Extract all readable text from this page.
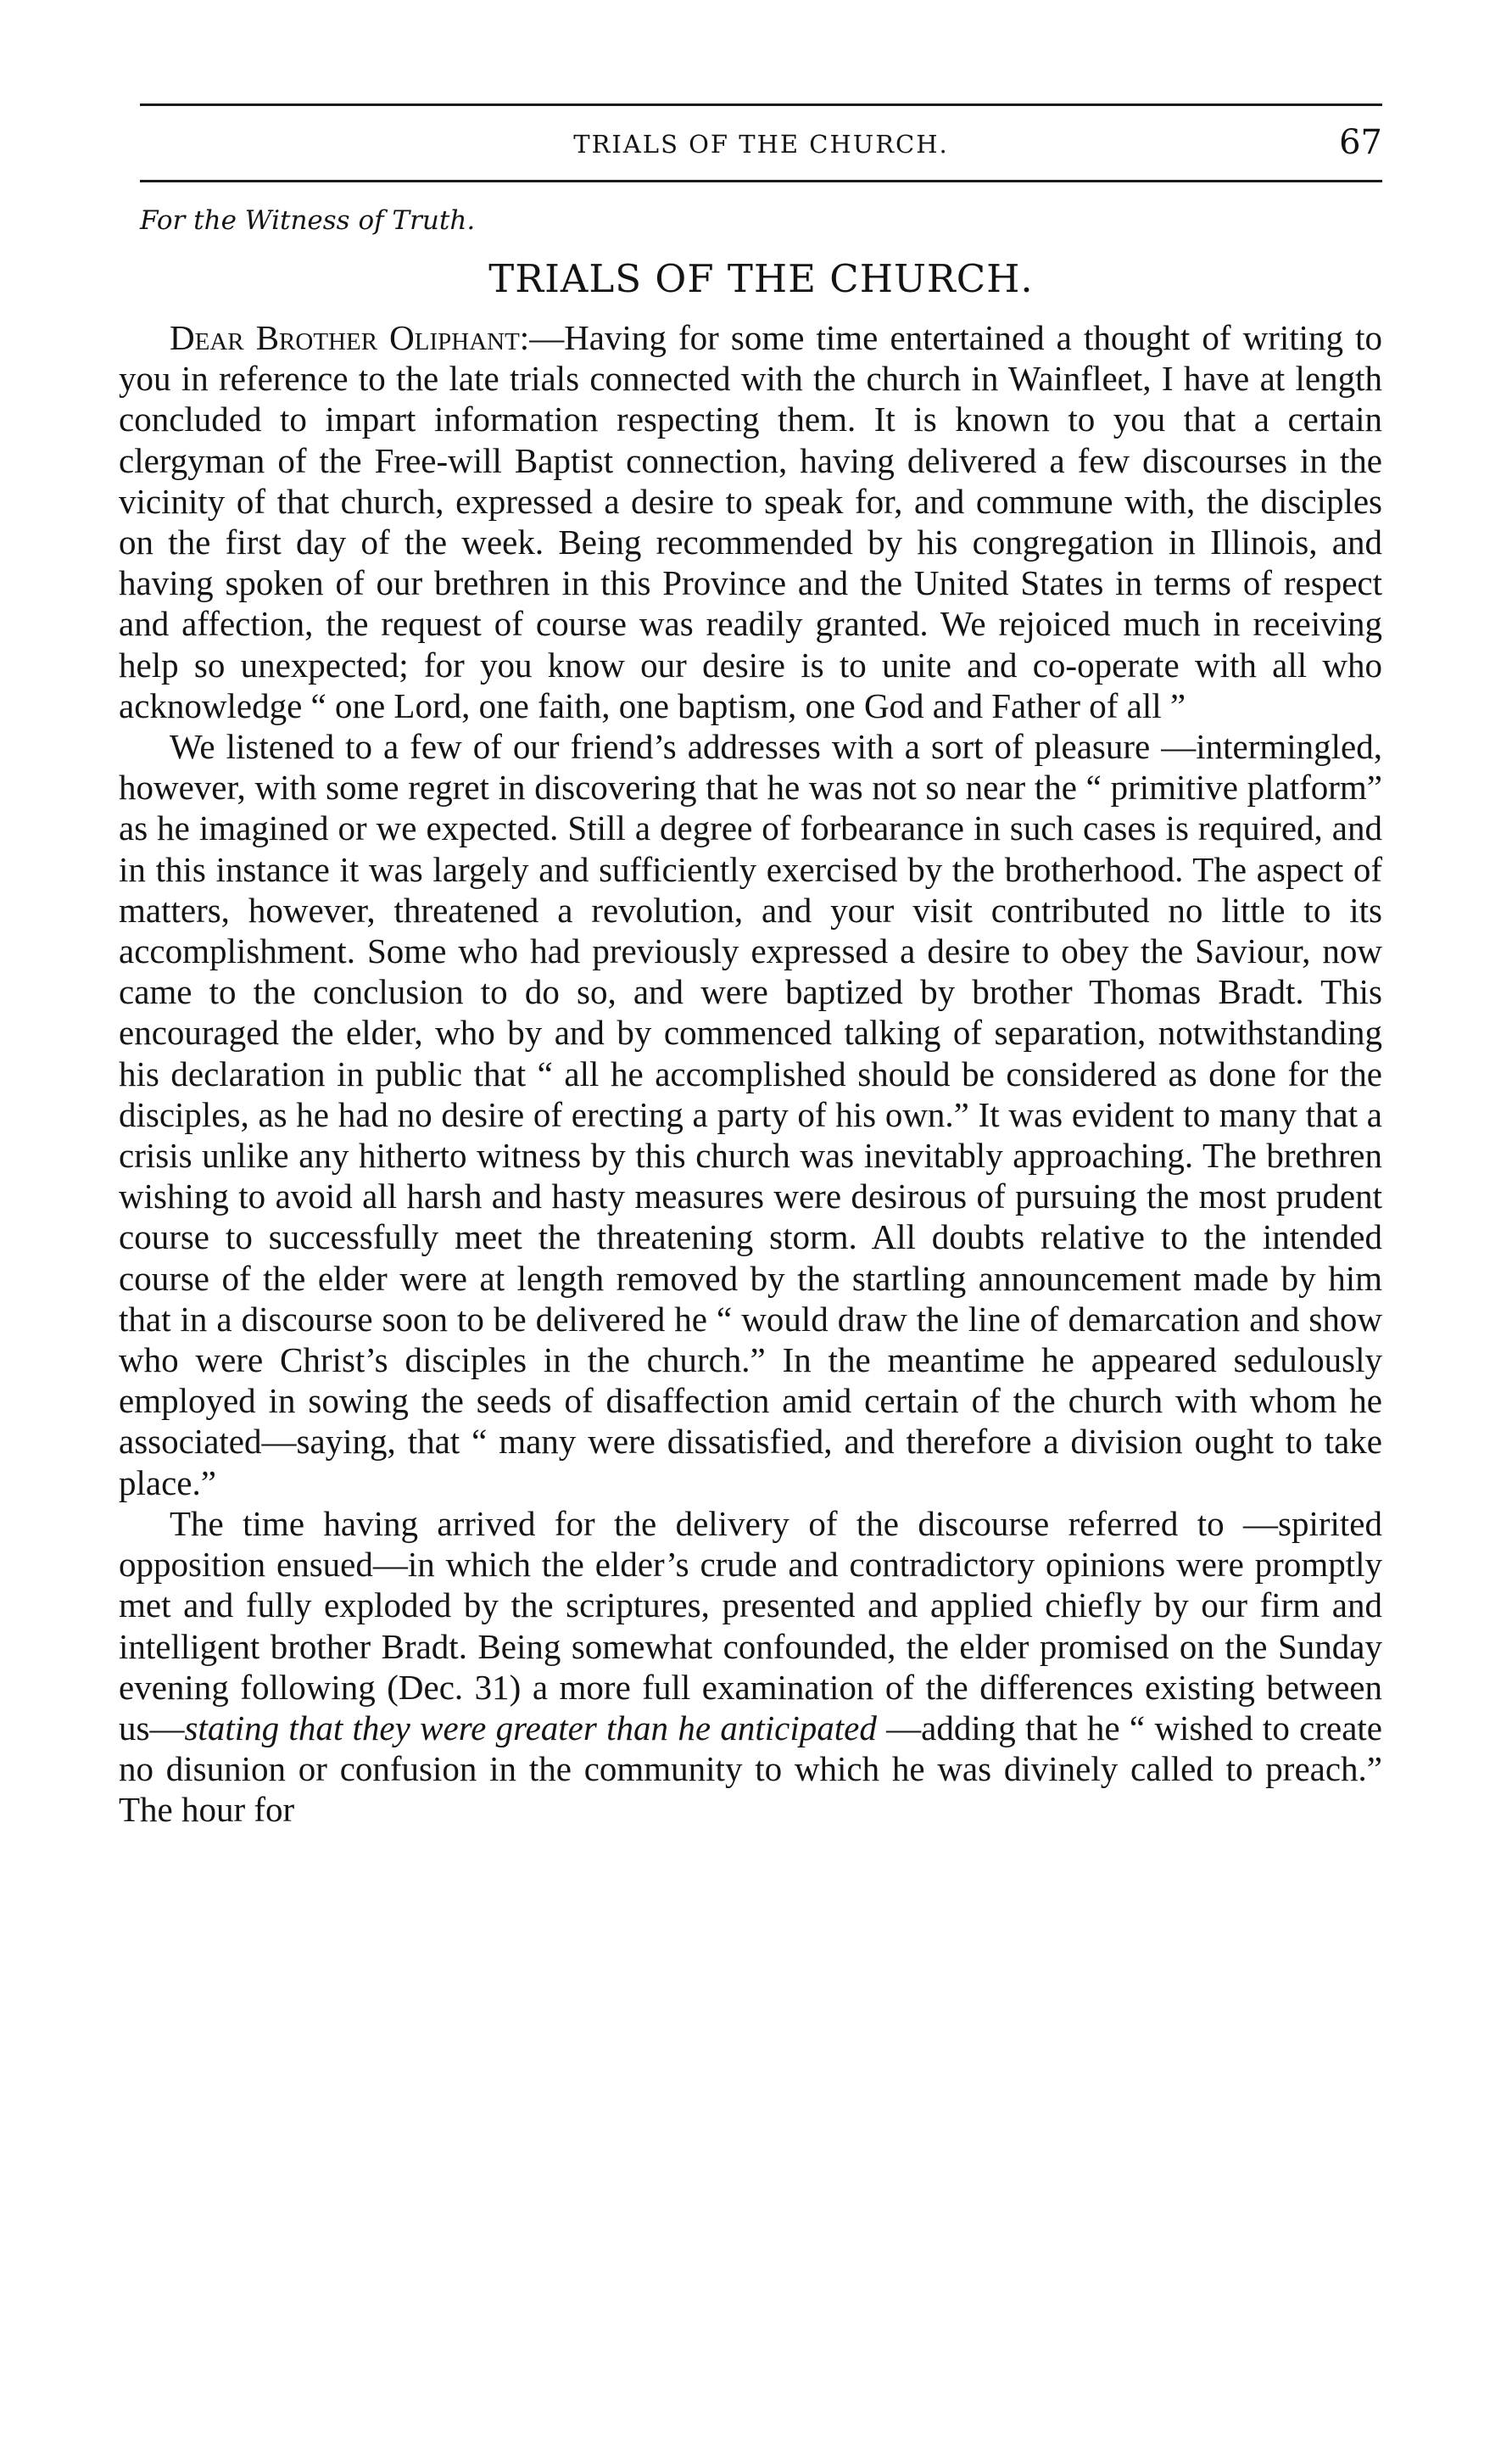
TRIALS OF THE CHURCH.	67
For the Witness of Truth.
TRIALS OF THE CHURCH.

Dear Brother Oliphant:—Having for some time entertained a thought of writing to you in reference to the late trials connected with the church in Wainfleet, I have at length concluded to impart information respecting them. It is known to you that a certain clergyman of the Free-will Baptist connection, having delivered a few discourses in the vicinity of that church, expressed a desire to speak for, and commune with, the disciples on the first day of the week. Being recommended by his congregation in Illinois, and having spoken of our brethren in this Province and the United States in terms of respect and affection, the request of course was readily granted. We rejoiced much in receiving help so unexpected; for you know our desire is to unite and co-operate with all who acknowledge “ one Lord, one faith, one baptism, one God and Father of all ”

We listened to a few of our friend’s addresses with a sort of pleasure —intermingled, however, with some regret in discovering that he was not so near the “ primitive platform” as he imagined or we expected. Still a degree of forbearance in such cases is required, and in this instance it was largely and sufficiently exercised by the brotherhood. The aspect of matters, however, threatened a revolution, and your visit contributed no little to its accomplishment. Some who had previously expressed a desire to obey the Saviour, now came to the conclusion to do so, and were baptized by brother Thomas Bradt. This encouraged the elder, who by and by commenced talking of separation, notwithstanding his declaration in public that “ all he accomplished should be considered as done for the disciples, as he had no desire of erecting a party of his own.” It was evident to many that a crisis unlike any hitherto witness by this church was inevitably approaching. The brethren wishing to avoid all harsh and hasty measures were desirous of pursuing the most prudent course to successfully meet the threatening storm. All doubts relative to the intended course of the elder were at length removed by the startling announcement made by him that in a discourse soon to be delivered he “ would draw the line of demarcation and show who were Christ’s disciples in the church.” In the meantime he appeared sedulously employed in sowing the seeds of disaffection amid certain of the church with whom he associated—saying, that “ many were dissatisfied, and therefore a division ought to take place.”

The time having arrived for the delivery of the discourse referred to —spirited opposition ensued—in which the elder’s crude and contradictory opinions were promptly met and fully exploded by the scriptures, presented and applied chiefly by our firm and intelligent brother Bradt. Being somewhat confounded, the elder promised on the Sunday evening following (Dec. 31) a more full examination of the differences existing between us—stating that they were greater than he anticipated —adding that he “ wished to create no disunion or confusion in the community to which he was divinely called to preach.” The hour for
